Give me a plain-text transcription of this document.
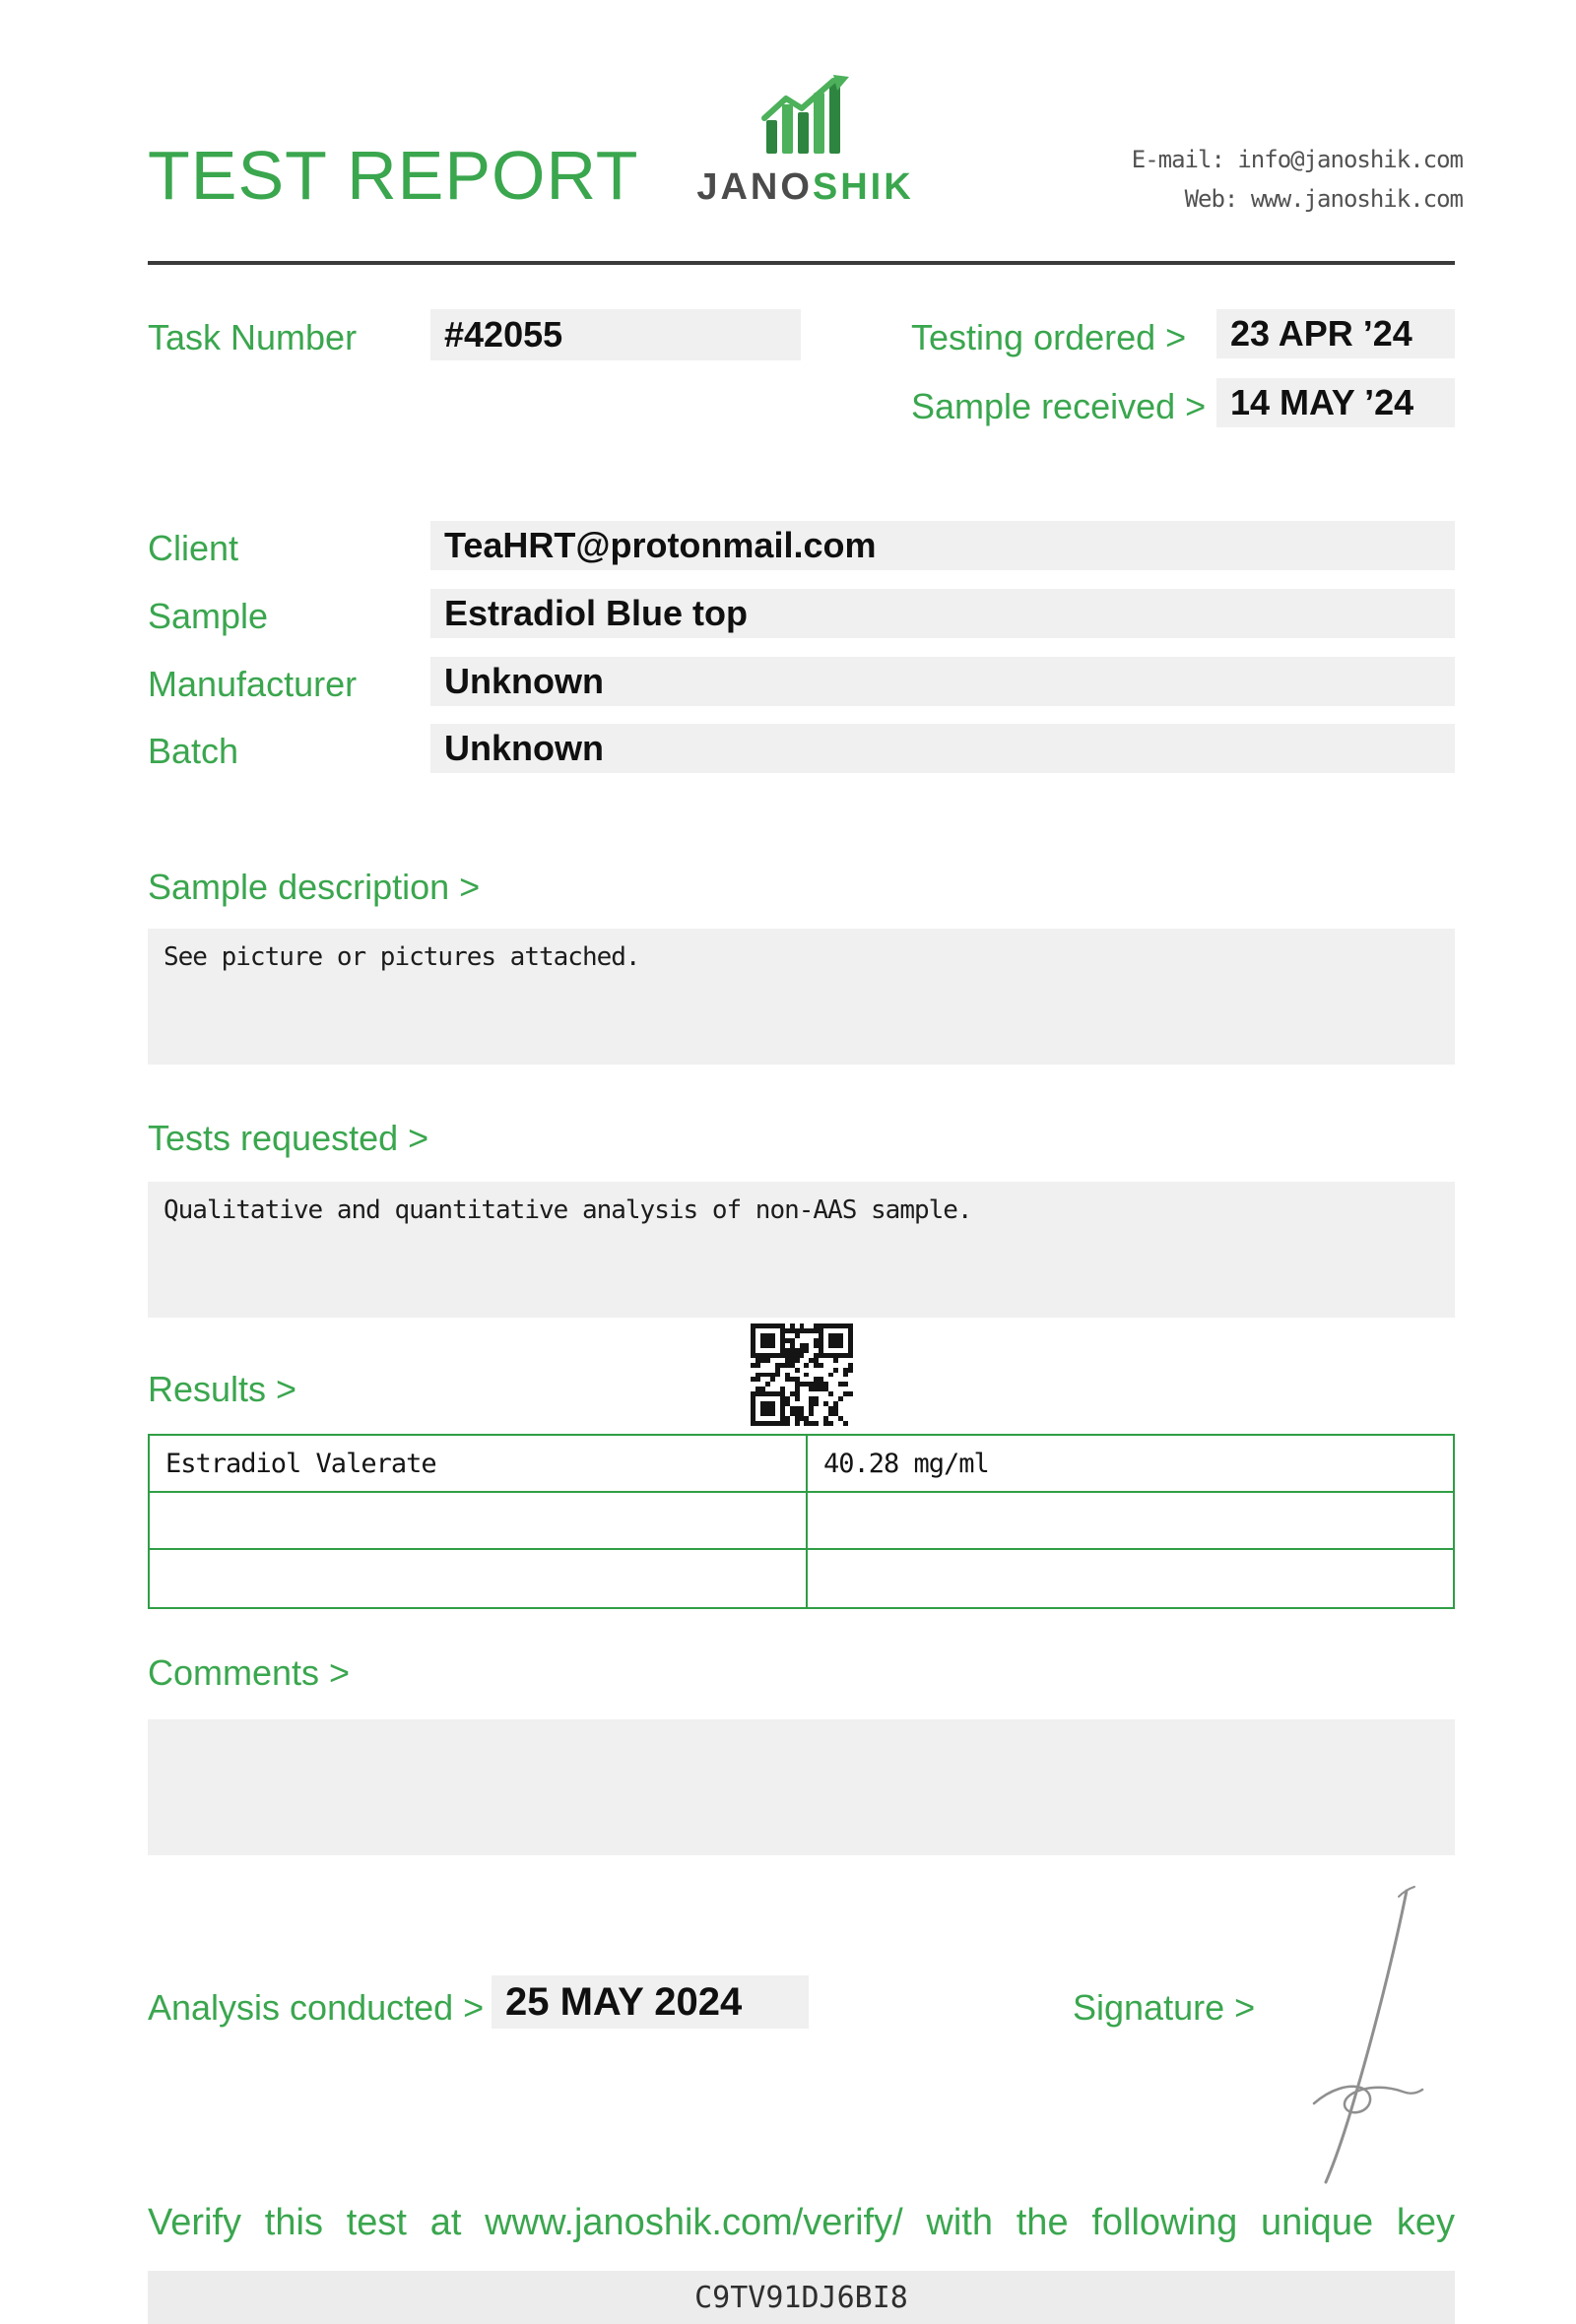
TEST REPORT	JANOSHIK
E-mail: info@janoshik.com
Web: www.janoshik.com
Task Number	#42055	Testing ordered >	23 APR ’24
Sample received > 14 MAY ’24
Client	TeaHRT@protonmail.com
Sample	Estradiol Blue top
Manufacturer	Unknown
Batch	Unknown
Sample description >
See picture or pictures attached.
Tests requested >
Qualitative and quantitative analysis of non-AAS sample.
Results >
Estradiol Valerate	40.28 mg/ml
Comments >
Analysis conducted > 25 MAY 2024	Signature >
Verify this test at www.janoshik.com/verify/ with the following unique key
C9TV91DJ6BI8
